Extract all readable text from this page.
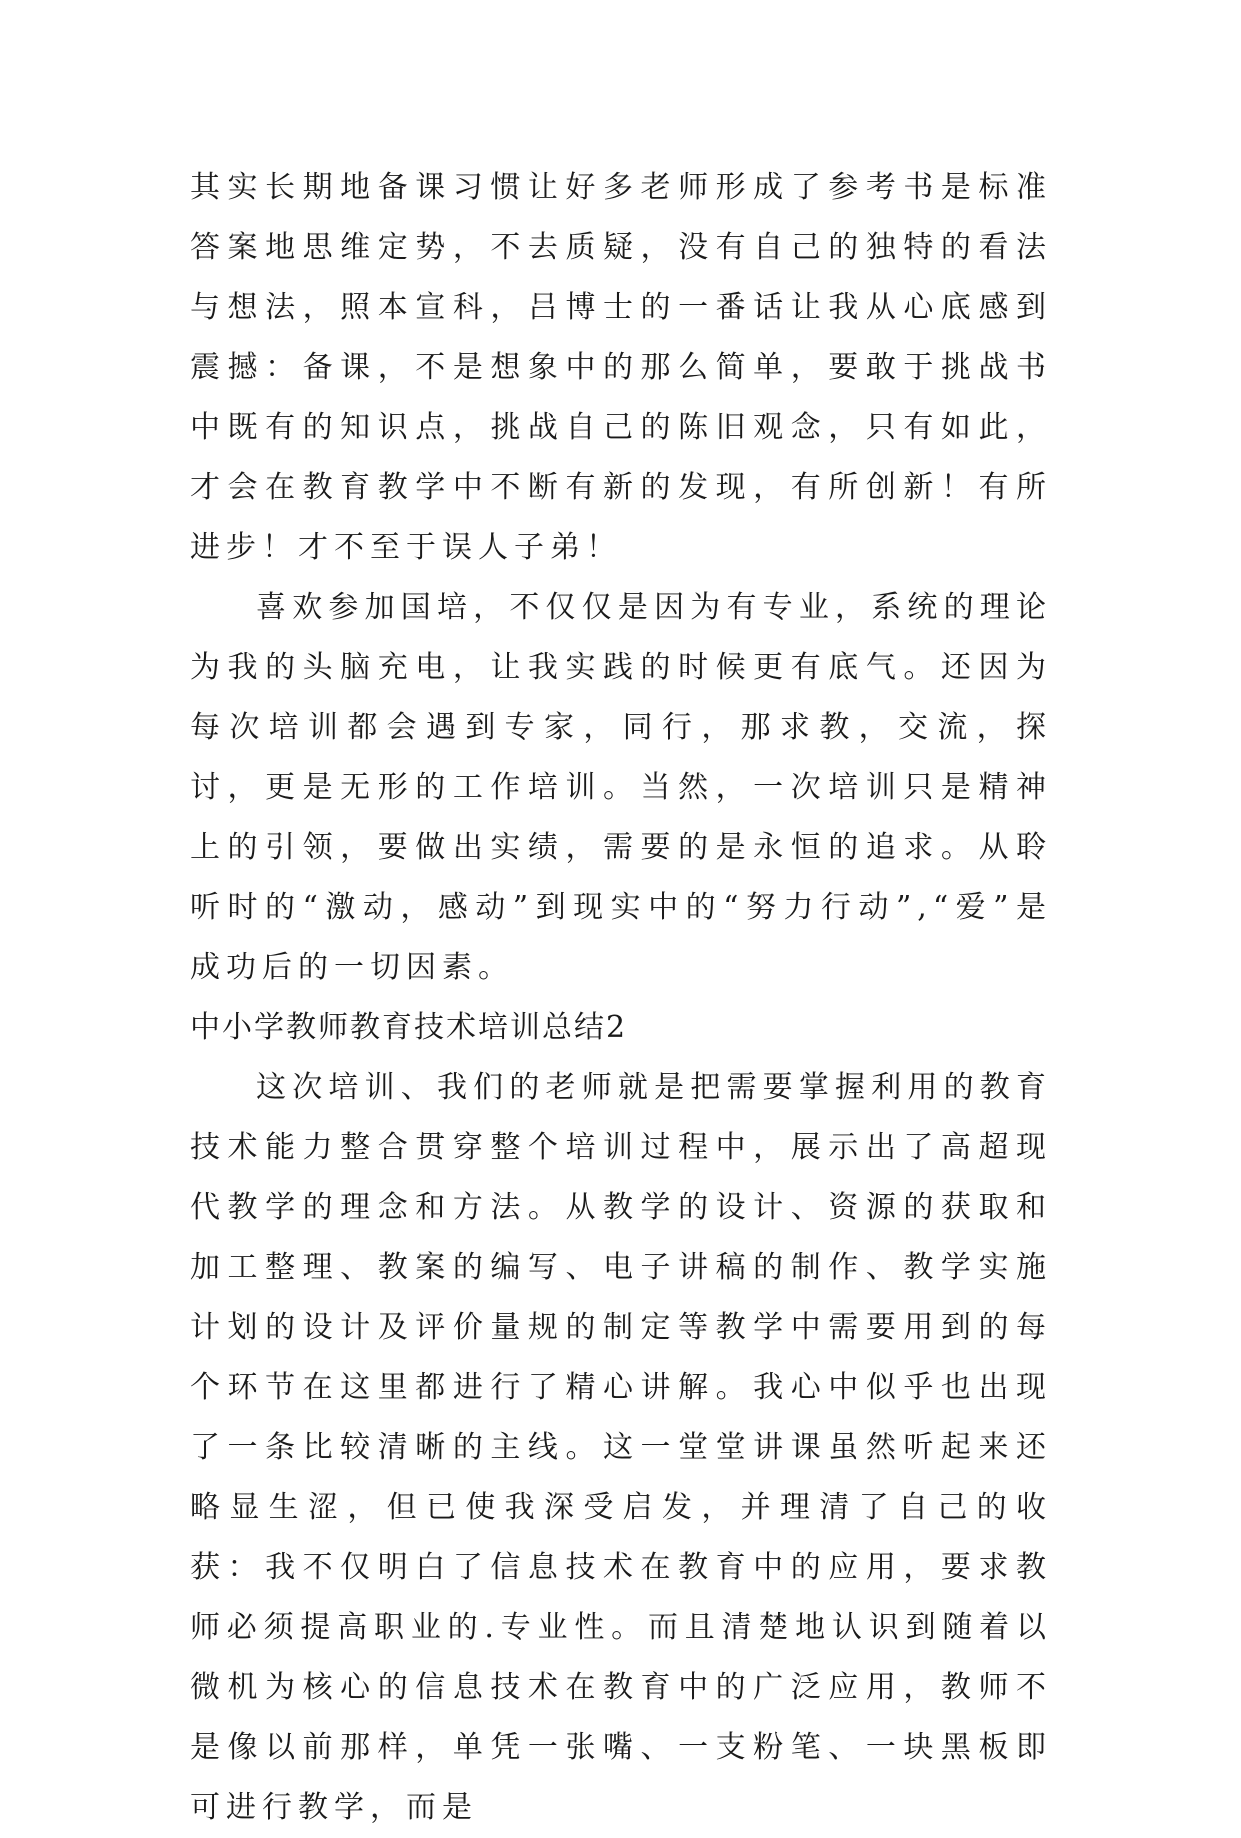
其实长期地备课习惯让好多老师形成了参考书是标准答案地思维定势，不去质疑，没有自己的独特的看法与想法，照本宣科，吕博士的一番话让我从心底感到震撼：备课，不是想象中的那么简单，要敢于挑战书中既有的知识点，挑战自己的陈旧观念，只有如此，才会在教育教学中不断有新的发现，有所创新！有所进步！才不至于误人子弟！

喜欢参加国培，不仅仅是因为有专业，系统的理论为我的头脑充电，让我实践的时候更有底气。还因为每次培训都会遇到专家，同行，那求教，交流，探讨，更是无形的工作培训。当然，一次培训只是精神上的引领，要做出实绩，需要的是永恒的追求。从聆听时的“激动，感动”到现实中的“努力行动”,“爱”是成功后的一切因素。

中小学教师教育技术培训总结2

这次培训、我们的老师就是把需要掌握利用的教育技术能力整合贯穿整个培训过程中，展示出了高超现代教学的理念和方法。从教学的设计、资源的获取和加工整理、教案的编写、电子讲稿的制作、教学实施计划的设计及评价量规的制定等教学中需要用到的每个环节在这里都进行了精心讲解。我心中似乎也出现了一条比较清晰的主线。这一堂堂讲课虽然听起来还略显生涩，但已使我深受启发，并理清了自己的收获：我不仅明白了信息技术在教育中的应用，要求教师必须提高职业的.专业性。而且清楚地认识到随着以微机为核心的信息技术在教育中的广泛应用，教师不是像以前那样，单凭一张嘴、一支粉笔、一块黑板即可进行教学，而是
